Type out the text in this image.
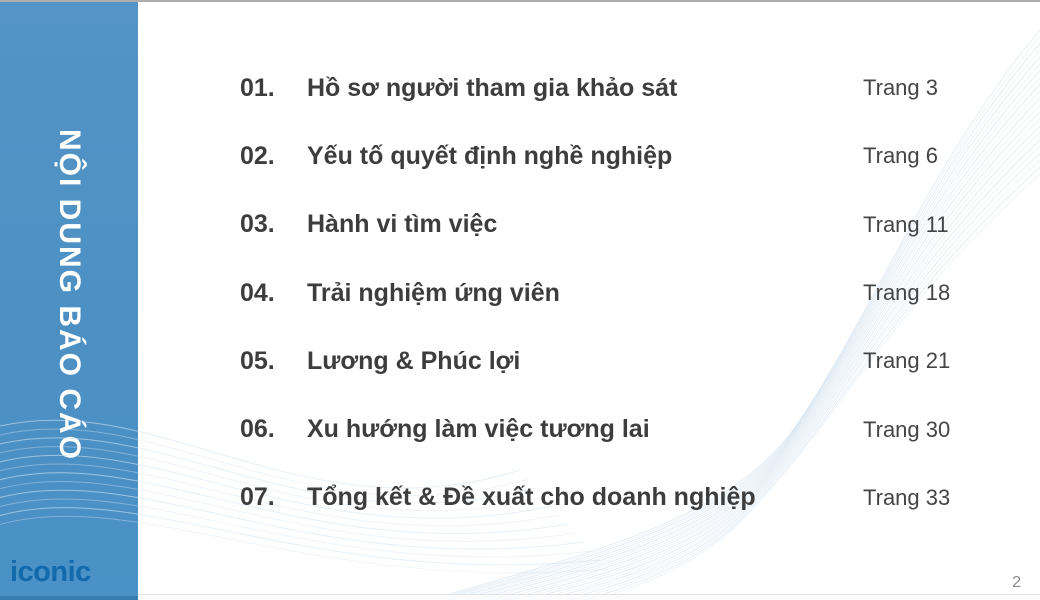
NỘI DUNG BÁO CÁO
iconic
01.	Hồ sơ người tham gia khảo sát	Trang 3
02.	Yếu tố quyết định nghề nghiệp	Trang 6
03.	Hành vi tìm việc	Trang 11
04.	Trải nghiệm ứng viên	Trang 18
05.	Lương & Phúc lợi	Trang 21
06.	Xu hướng làm việc tương lai	Trang 30
07.	Tổng kết & Đề xuất cho doanh nghiệp	Trang 33
2
